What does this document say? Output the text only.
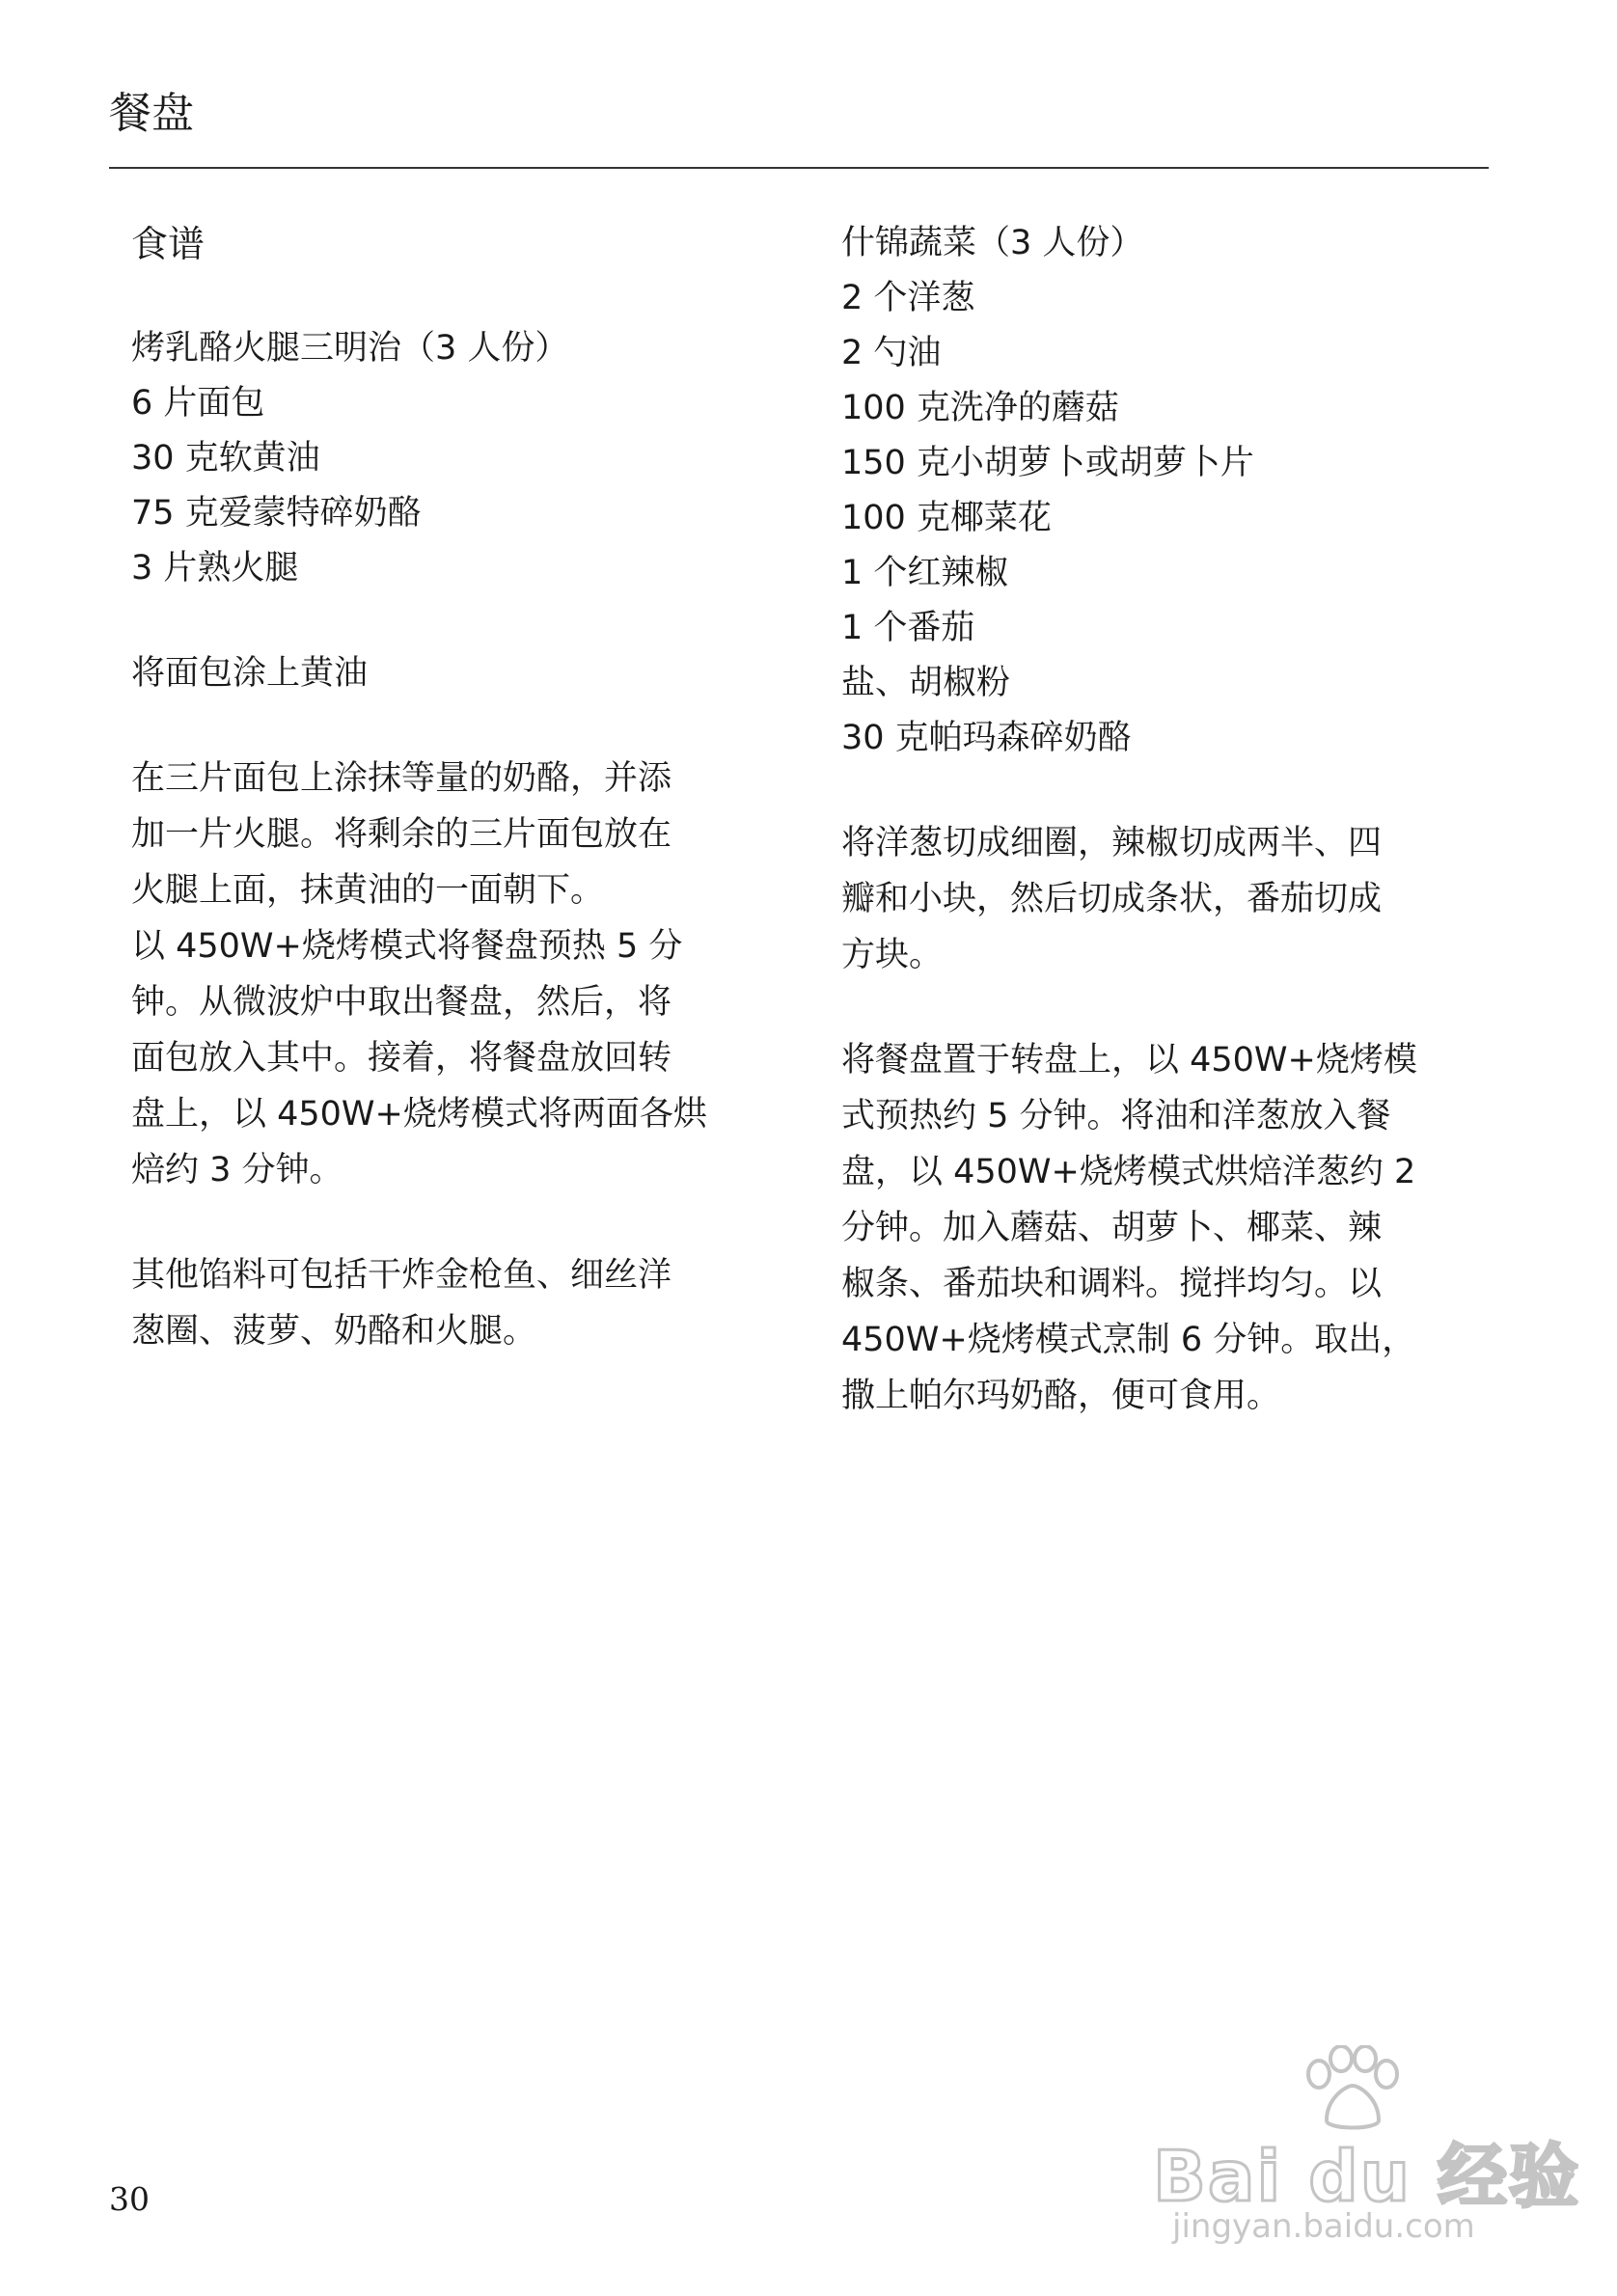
餐盘
食谱
烤乳酪火腿三明治（3 人份）
6 片面包
30 克软黄油
75 克爱蒙特碎奶酪
3 片熟火腿
将面包涂上黄油
在三片面包上涂抹等量的奶酪，并添
加一片火腿。将剩余的三片面包放在
火腿上面，抹黄油的一面朝下。
以 450W+烧烤模式将餐盘预热 5 分
钟。从微波炉中取出餐盘，然后，将
面包放入其中。接着，将餐盘放回转
盘上，以 450W+烧烤模式将两面各烘
焙约 3 分钟。
其他馅料可包括干炸金枪鱼、细丝洋
葱圈、菠萝、奶酪和火腿。
什锦蔬菜（3 人份）
2 个洋葱
2 勺油
100 克洗净的蘑菇
150 克小胡萝卜或胡萝卜片
100 克椰菜花
1 个红辣椒
1 个番茄
盐、胡椒粉
30 克帕玛森碎奶酪
将洋葱切成细圈，辣椒切成两半、四
瓣和小块，然后切成条状，番茄切成
方块。
将餐盘置于转盘上，以 450W+烧烤模
式预热约 5 分钟。将油和洋葱放入餐
盘，以 450W+烧烤模式烘焙洋葱约 2
分钟。加入蘑菇、胡萝卜、椰菜、辣
椒条、番茄块和调料。搅拌均匀。以
450W+烧烤模式烹制 6 分钟。取出，
撒上帕尔玛奶酪，便可食用。
30	Bai du 经验
jingyan.baidu.com
